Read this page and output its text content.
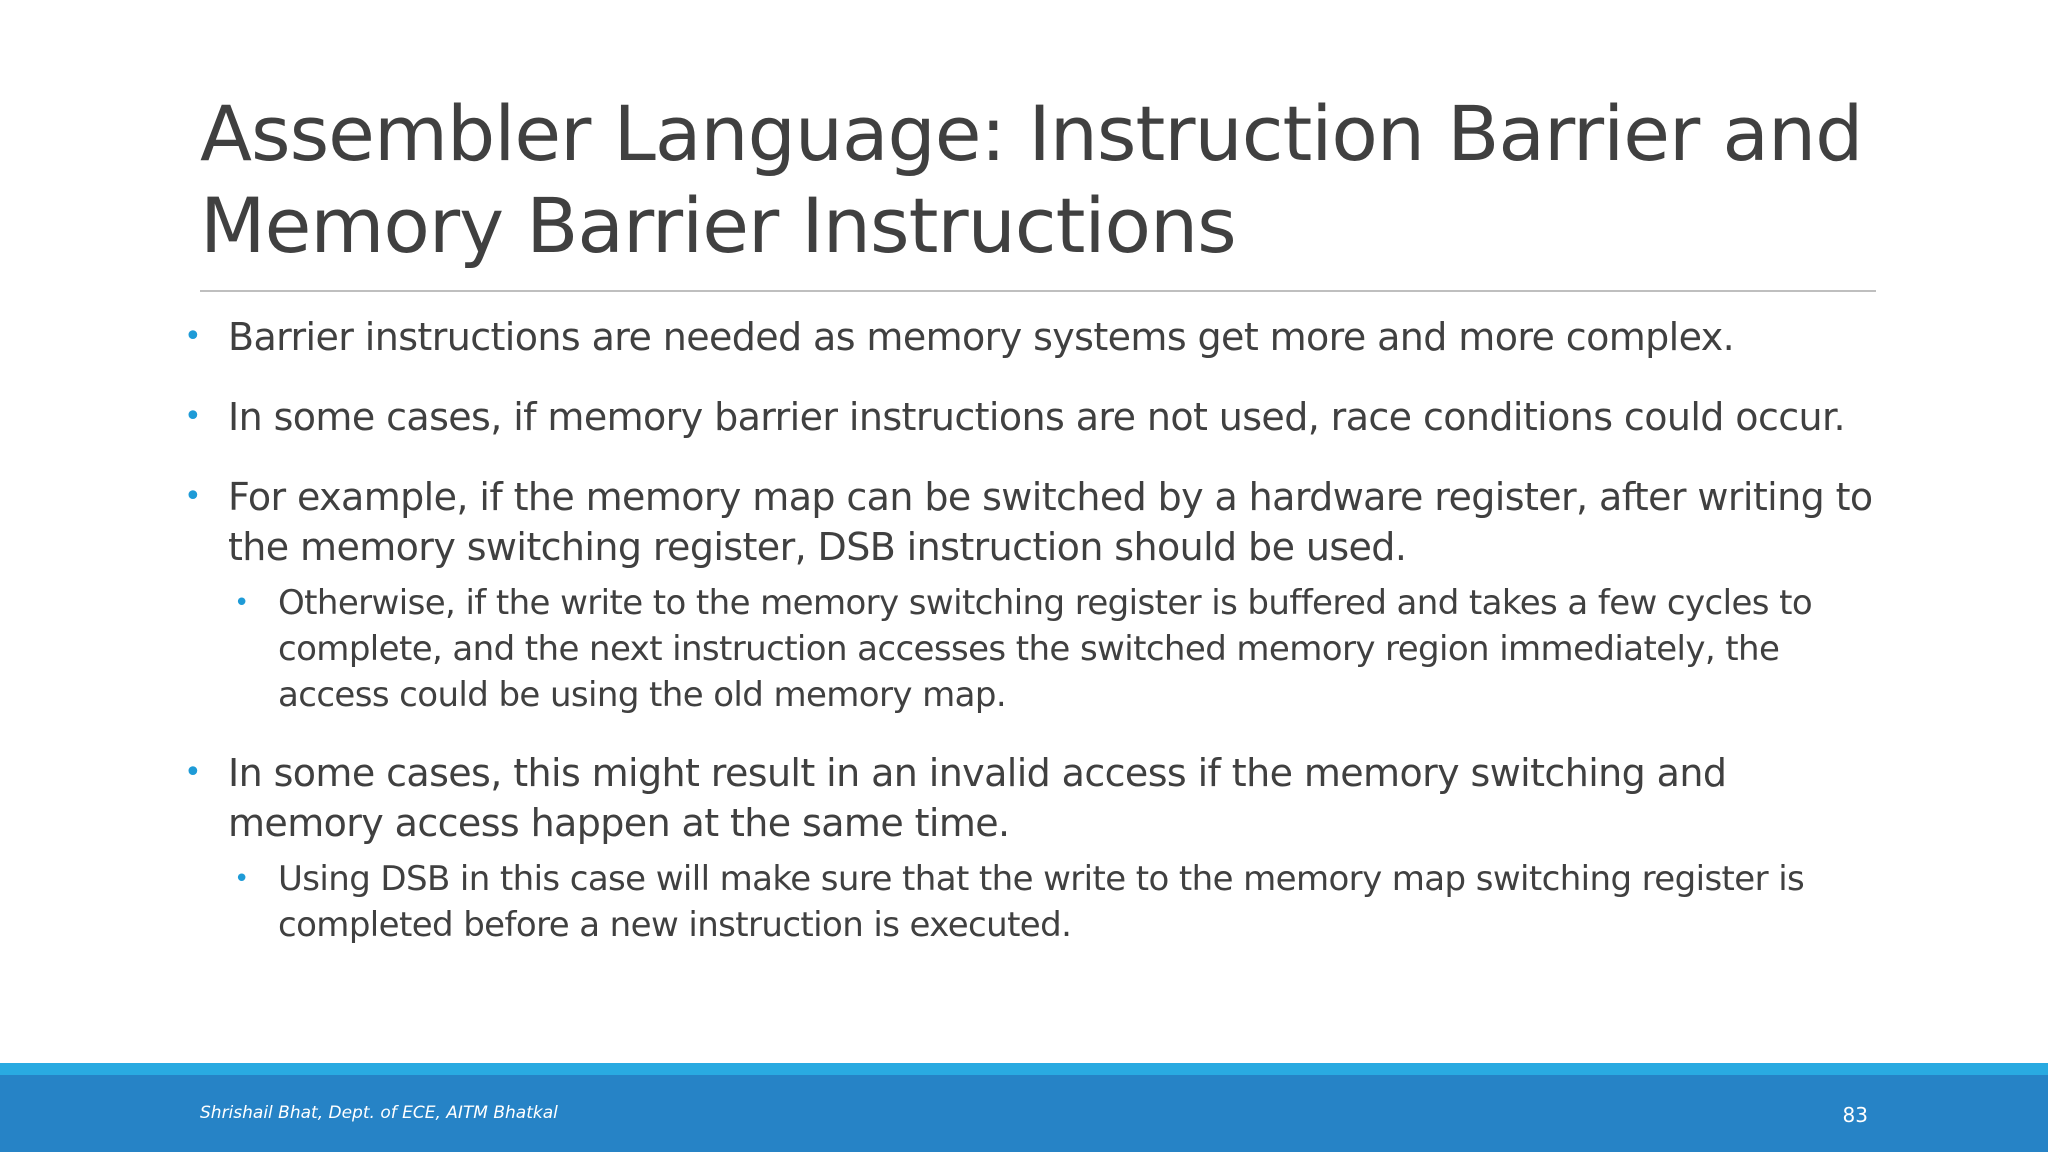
Assembler Language: Instruction Barrier and
Memory Barrier Instructions
• Barrier instructions are needed as memory systems get more and more complex.
• In some cases, if memory barrier instructions are not used, race conditions could occur.
• For example, if the memory map can be switched by a hardware register, after writing to the memory switching register, DSB instruction should be used.
• Otherwise, if the write to the memory switching register is buffered and takes a few cycles to complete, and the next instruction accesses the switched memory region immediately, the access could be using the old memory map.
• In some cases, this might result in an invalid access if the memory switching and memory access happen at the same time.
• Using DSB in this case will make sure that the write to the memory map switching register is completed before a new instruction is executed.
Shrishail Bhat, Dept. of ECE, AITM Bhatkal	83
